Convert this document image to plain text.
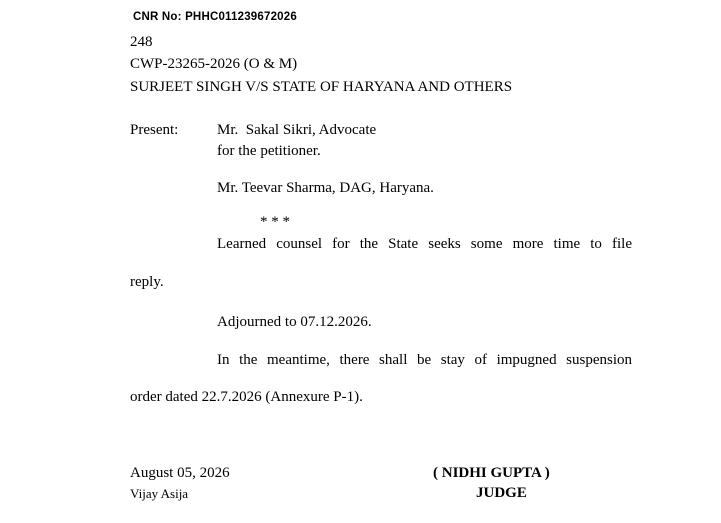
CNR No: PHHC011239672026
248
CWP-23265-2026 (O & M)
SURJEET SINGH V/S STATE OF HARYANA AND OTHERS
Present:	Mr.  Sakal Sikri, Advocate
for the petitioner.
Mr. Teevar Sharma, DAG, Haryana.
* * *
Learned counsel for the State seeks some more time to file
reply.
Adjourned to 07.12.2026.
In the meantime, there shall be stay of impugned suspension
order dated 22.7.2026 (Annexure P-1).
August 05, 2026
Vijay Asija
( NIDHI GUPTA )
JUDGE
